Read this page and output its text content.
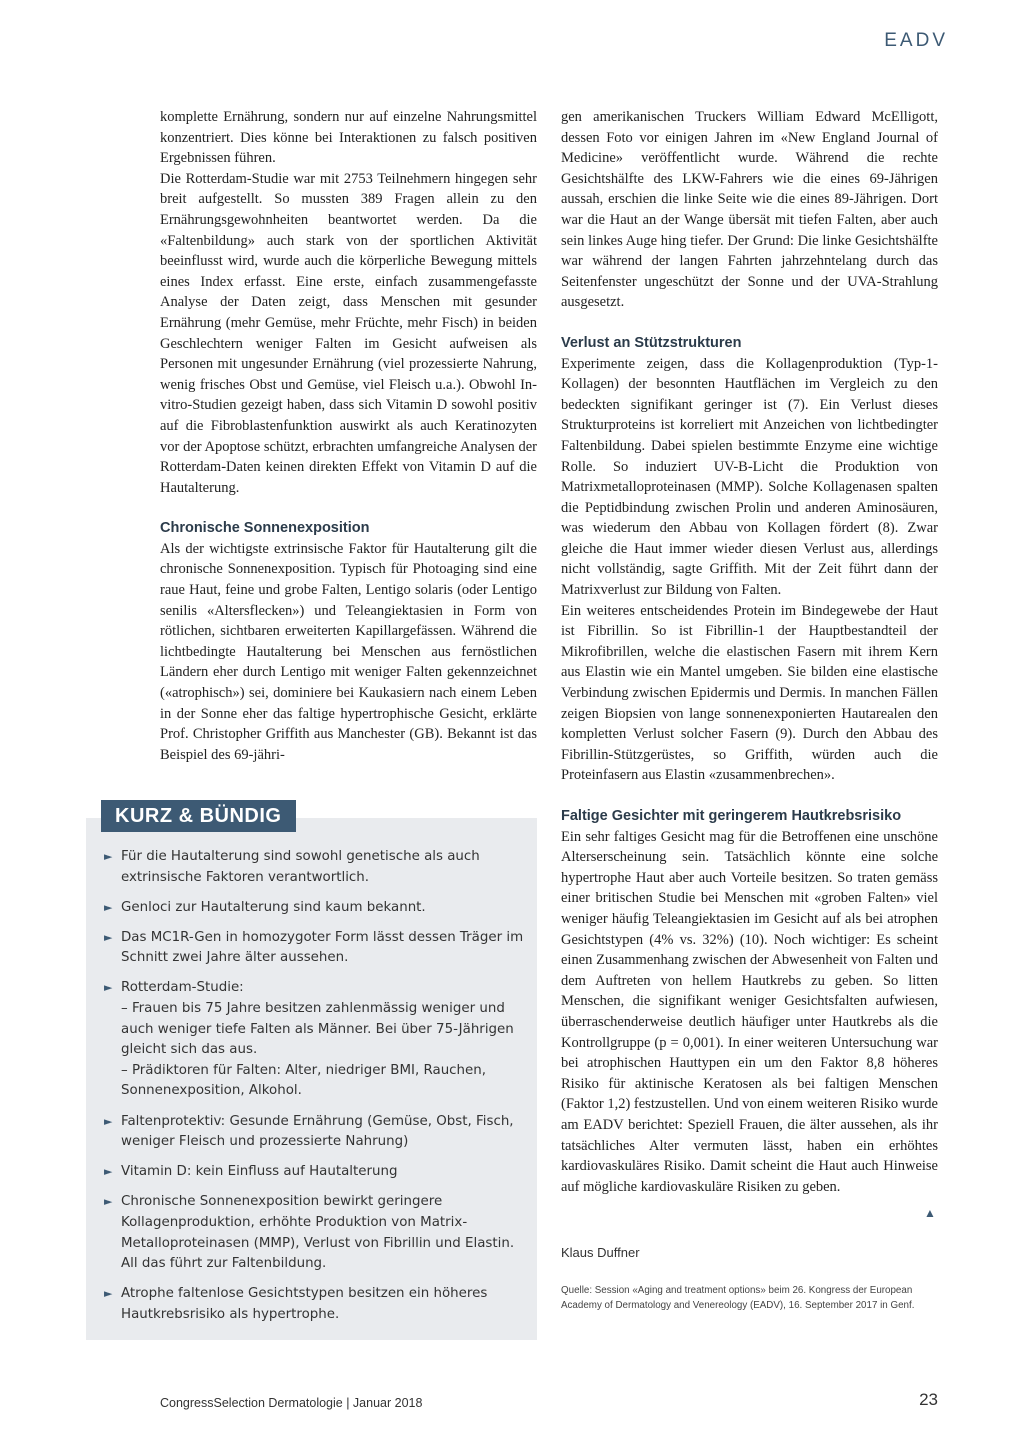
EADV

komplette Ernährung, sondern nur auf einzelne Nahrungsmittel konzentriert. Dies könne bei Interaktionen zu falsch positiven Ergebnissen führen.

Die Rotterdam-Studie war mit 2753 Teilnehmern hingegen sehr breit aufgestellt. So mussten 389 Fragen allein zu den Ernährungsgewohnheiten beantwortet werden. Da die «Faltenbildung» auch stark von der sportlichen Aktivität beeinflusst wird, wurde auch die körperliche Bewegung mittels eines Index erfasst. Eine erste, einfach zusammengefasste Analyse der Daten zeigt, dass Menschen mit gesunder Ernährung (mehr Gemüse, mehr Früchte, mehr Fisch) in beiden Geschlechtern weniger Falten im Gesicht aufweisen als Personen mit ungesunder Ernährung (viel prozessierte Nahrung, wenig frisches Obst und Gemüse, viel Fleisch u.a.). Obwohl In-vitro-Studien gezeigt haben, dass sich Vitamin D sowohl positiv auf die Fibroblastenfunktion auswirkt als auch Keratinozyten vor der Apoptose schützt, erbrachten umfangreiche Analysen der Rotterdam-Daten keinen direkten Effekt von Vitamin D auf die Hautalterung.

Chronische Sonnenexposition

Als der wichtigste extrinsische Faktor für Hautalterung gilt die chronische Sonnenexposition. Typisch für Photoaging sind eine raue Haut, feine und grobe Falten, Lentigo solaris (oder Lentigo senilis «Altersflecken») und Teleangiektasien in Form von rötlichen, sichtbaren erweiterten Kapillargefässen. Während die lichtbedingte Hautalterung bei Menschen aus fernöstlichen Ländern eher durch Lentigo mit weniger Falten gekennzeichnet («atrophisch») sei, dominiere bei Kaukasiern nach einem Leben in der Sonne eher das faltige hypertrophische Gesicht, erklärte Prof. Christopher Griffith aus Manchester (GB). Bekannt ist das Beispiel des 69-jähri-

gen amerikanischen Truckers William Edward McElligott, dessen Foto vor einigen Jahren im «New England Journal of Medicine» veröffentlicht wurde. Während die rechte Gesichtshälfte des LKW-Fahrers wie die eines 69-Jährigen aussah, erschien die linke Seite wie die eines 89-Jährigen. Dort war die Haut an der Wange übersät mit tiefen Falten, aber auch sein linkes Auge hing tiefer. Der Grund: Die linke Gesichtshälfte war während der langen Fahrten jahrzehntelang durch das Seitenfenster ungeschützt der Sonne und der UVA-Strahlung ausgesetzt.

Verlust an Stützstrukturen

Experimente zeigen, dass die Kollagenproduktion (Typ-1-Kollagen) der besonnten Hautflächen im Vergleich zu den bedeckten signifikant geringer ist (7). Ein Verlust dieses Strukturproteins ist korreliert mit Anzeichen von lichtbedingter Faltenbildung. Dabei spielen bestimmte Enzyme eine wichtige Rolle. So induziert UV-B-Licht die Produktion von Matrixmetalloproteinasen (MMP). Solche Kollagenasen spalten die Peptidbindung zwischen Prolin und anderen Aminosäuren, was wiederum den Abbau von Kollagen fördert (8). Zwar gleiche die Haut immer wieder diesen Verlust aus, allerdings nicht vollständig, sagte Griffith. Mit der Zeit führt dann der Matrixverlust zur Bildung von Falten.

Ein weiteres entscheidendes Protein im Bindegewebe der Haut ist Fibrillin. So ist Fibrillin-1 der Hauptbestandteil der Mikrofibrillen, welche die elastischen Fasern mit ihrem Kern aus Elastin wie ein Mantel umgeben. Sie bilden eine elastische Verbindung zwischen Epidermis und Dermis. In manchen Fällen zeigen Biopsien von lange sonnenexponierten Hautarealen den kompletten Verlust solcher Fasern (9). Durch den Abbau des Fibrillin-Stützgerüstes, so Griffith, würden auch die Proteinfasern aus Elastin «zusammenbrechen».

Faltige Gesichter mit geringerem Hautkrebsrisiko

Ein sehr faltiges Gesicht mag für die Betroffenen eine unschöne Alterserscheinung sein. Tatsächlich könnte eine solche hypertrophe Haut aber auch Vorteile besitzen. So traten gemäss einer britischen Studie bei Menschen mit «groben Falten» viel weniger häufig Teleangiektasien im Gesicht auf als bei atrophen Gesichtstypen (4% vs. 32%) (10). Noch wichtiger: Es scheint einen Zusammenhang zwischen der Abwesenheit von Falten und dem Auftreten von hellem Hautkrebs zu geben. So litten Menschen, die signifikant weniger Gesichtsfalten aufwiesen, überraschenderweise deutlich häufiger unter Hautkrebs als die Kontrollgruppe (p = 0,001). In einer weiteren Untersuchung war bei atrophischen Hauttypen ein um den Faktor 8,8 höheres Risiko für aktinische Keratosen als bei faltigen Menschen (Faktor 1,2) festzustellen. Und von einem weiteren Risiko wurde am EADV berichtet: Speziell Frauen, die älter aussehen, als ihr tatsächliches Alter vermuten lässt, haben ein erhöhtes kardiovaskuläres Risiko. Damit scheint die Haut auch Hinweise auf mögliche kardiovaskuläre Risiken zu geben.

▲
KURZ & BÜNDIG
► Für die Hautalterung sind sowohl genetische als auch extrinsische Faktoren verantwortlich.
► Genloci zur Hautalterung sind kaum bekannt.
► Das MC1R-Gen in homozygoter Form lässt dessen Träger im Schnitt zwei Jahre älter aussehen.
► Rotterdam-Studie:
– Frauen bis 75 Jahre besitzen zahlenmässig weniger und auch weniger tiefe Falten als Männer. Bei über 75-Jährigen gleicht sich das aus.
– Prädiktoren für Falten: Alter, niedriger BMI, Rauchen, Sonnenexposition, Alkohol.
► Faltenprotektiv: Gesunde Ernährung (Gemüse, Obst, Fisch, weniger Fleisch und prozessierte Nahrung)
► Vitamin D: kein Einfluss auf Hautalterung
► Chronische Sonnenexposition bewirkt geringere Kollagenproduktion, erhöhte Produktion von Matrix-Metalloproteinasen (MMP), Verlust von Fibrillin und Elastin. All das führt zur Faltenbildung.
► Atrophe faltenlose Gesichtstypen besitzen ein höheres Hautkrebsrisiko als hypertrophe.
Klaus Duffner
Quelle: Session «Aging and treatment options» beim 26. Kongress der European Academy of Dermatology and Venereology (EADV), 16. September 2017 in Genf.
CongressSelection Dermatologie | Januar 2018	23
